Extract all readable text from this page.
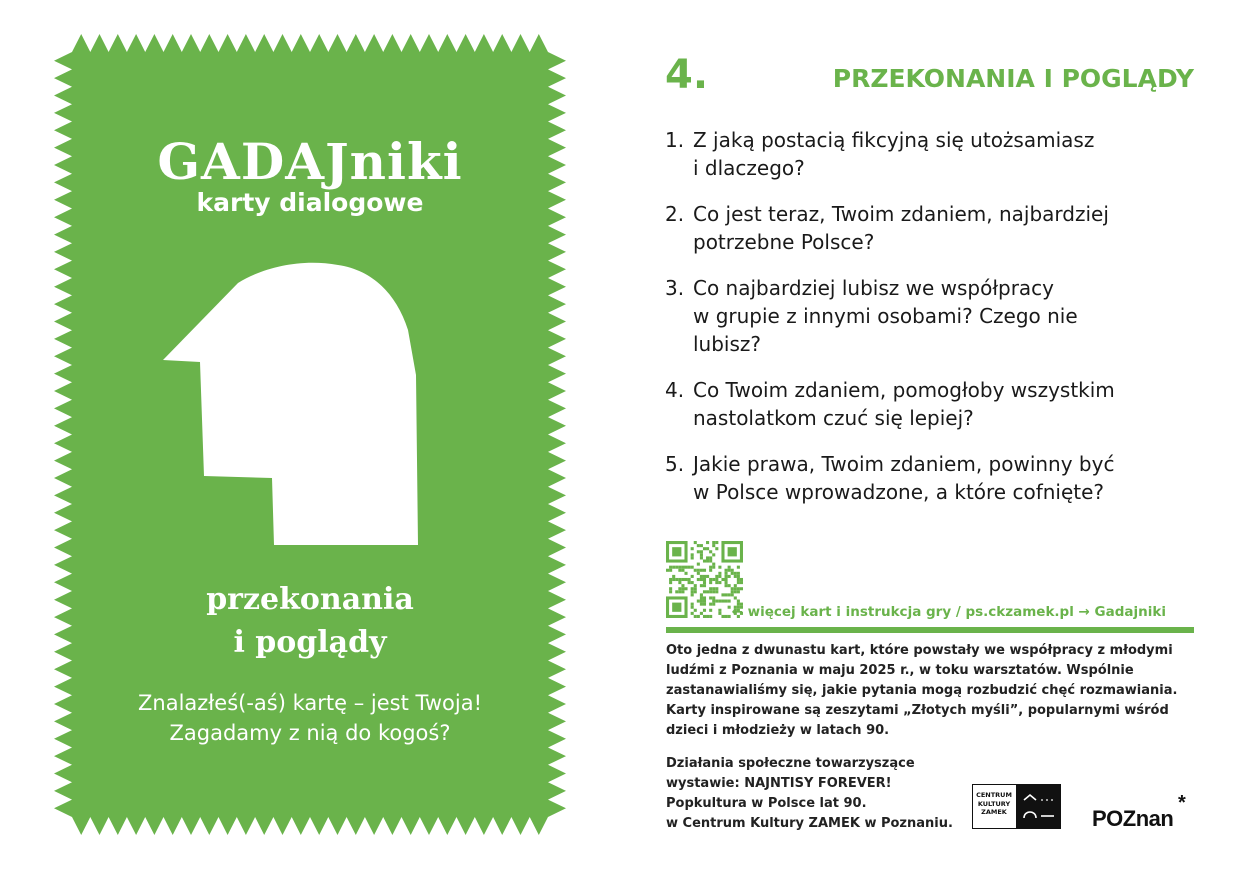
GADAJniki
karty dialogowe
przekonania
i poglądy
Znalazłeś(-aś) kartę – jest Twoja!
Zagadamy z nią do kogoś?
4.	PRZEKONANIA I POGLĄDY
1. Z jaką postacią fikcyjną się utożsamiasz
i dlaczego?
2. Co jest teraz, Twoim zdaniem, najbardziej
potrzebne Polsce?
3. Co najbardziej lubisz we współpracy
w grupie z innymi osobami? Czego nie
lubisz?
4. Co Twoim zdaniem, pomogłoby wszystkim
nastolatkom czuć się lepiej?
5. Jakie prawa, Twoim zdaniem, powinny być
w Polsce wprowadzone, a które cofnięte?
← więcej kart i instrukcja gry / ps.ckzamek.pl → Gadajniki
Oto jedna z dwunastu kart, które powstały we współpracy z młodymi
ludźmi z Poznania w maju 2025 r., w toku warsztatów. Wspólnie
zastanawialiśmy się, jakie pytania mogą rozbudzić chęć rozmawiania.
Karty inspirowane są zeszytami „Złotych myśli”, popularnymi wśród
dzieci i młodzieży w latach 90.
Działania społeczne towarzyszące
wystawie: NAJNTISY FOREVER!
Popkultura w Polsce lat 90.
w Centrum Kultury ZAMEK w Poznaniu.
CENTRUM
KULTURY
ZAMEK	POZnan
*
